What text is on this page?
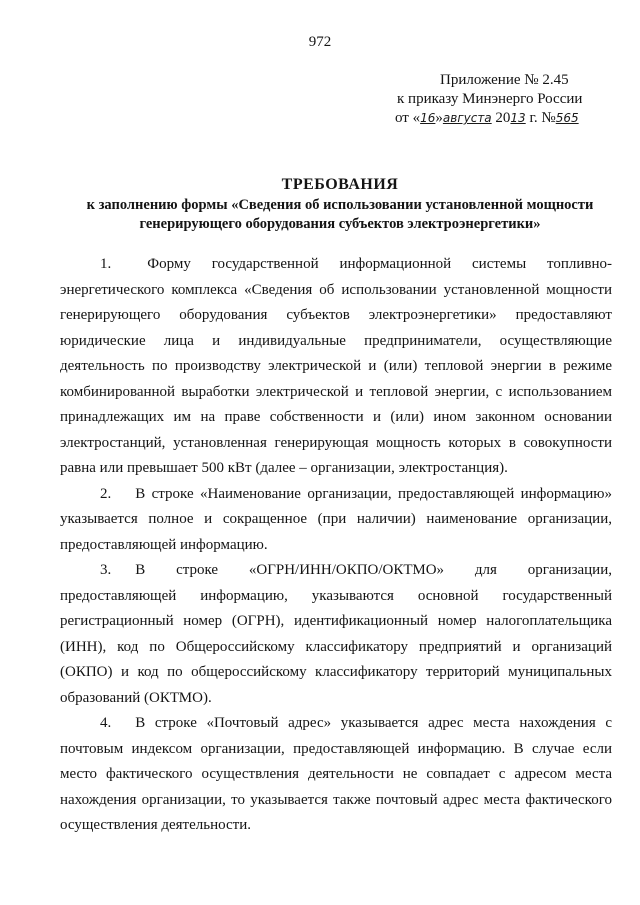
972
Приложение № 2.45
к приказу Минэнерго России
от «16»августа 2013 г. №565
ТРЕБОВАНИЯ
к заполнению формы «Сведения об использовании установленной мощности генерирующего оборудования субъектов электроэнергетики»

1. Форму государственной информационной системы топливно-энергетического комплекса «Сведения об использовании установленной мощности генерирующего оборудования субъектов электроэнергетики» предоставляют юридические лица и индивидуальные предприниматели, осуществляющие деятельность по производству электрической и (или) тепловой энергии в режиме комбинированной выработки электрической и тепловой энергии, с использованием принадлежащих им на праве собственности и (или) ином законном основании электростанций, установленная генерирующая мощность которых в совокупности равна или превышает 500 кВт (далее – организации, электростанция).

2. В строке «Наименование организации, предоставляющей информацию» указывается полное и сокращенное (при наличии) наименование организации, предоставляющей информацию.

3. В строке «ОГРН/ИНН/ОКПО/ОКТМО» для организации, предоставляющей информацию, указываются основной государственный регистрационный номер (ОГРН), идентификационный номер налогоплательщика (ИНН), код по Общероссийскому классификатору предприятий и организаций (ОКПО) и код по общероссийскому классификатору территорий муниципальных образований (ОКТМО).

4. В строке «Почтовый адрес» указывается адрес места нахождения с почтовым индексом организации, предоставляющей информацию. В случае если место фактического осуществления деятельности не совпадает с адресом места нахождения организации, то указывается также почтовый адрес места фактического осуществления деятельности.
